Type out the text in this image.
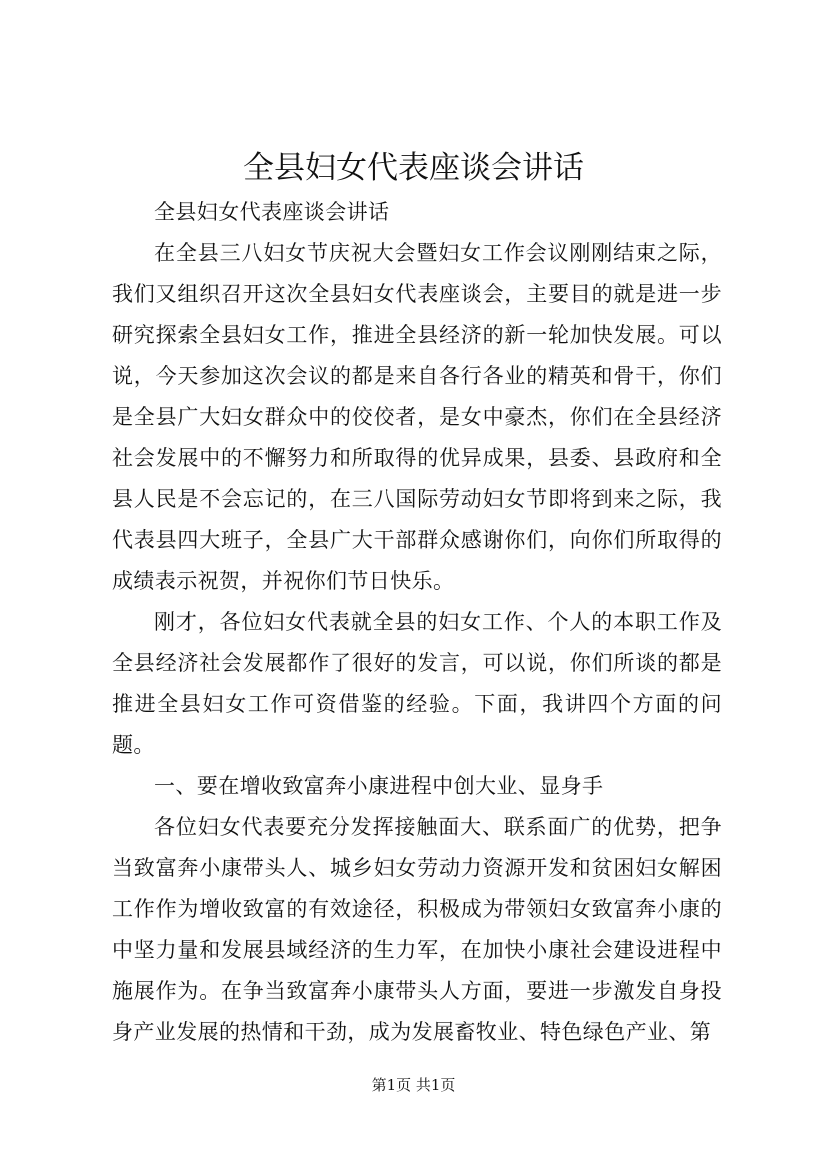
全县妇女代表座谈会讲话

全县妇女代表座谈会讲话

在全县三八妇女节庆祝大会暨妇女工作会议刚刚结束之际，我们又组织召开这次全县妇女代表座谈会，主要目的就是进一步研究探索全县妇女工作，推进全县经济的新一轮加快发展。可以说，今天参加这次会议的都是来自各行各业的精英和骨干，你们是全县广大妇女群众中的佼佼者，是女中豪杰，你们在全县经济社会发展中的不懈努力和所取得的优异成果，县委、县政府和全县人民是不会忘记的，在三八国际劳动妇女节即将到来之际，我代表县四大班子，全县广大干部群众感谢你们，向你们所取得的成绩表示祝贺，并祝你们节日快乐。

刚才，各位妇女代表就全县的妇女工作、个人的本职工作及全县经济社会发展都作了很好的发言，可以说，你们所谈的都是推进全县妇女工作可资借鉴的经验。下面，我讲四个方面的问题。

一、要在增收致富奔小康进程中创大业、显身手

各位妇女代表要充分发挥接触面大、联系面广的优势，把争当致富奔小康带头人、城乡妇女劳动力资源开发和贫困妇女解困工作作为增收致富的有效途径，积极成为带领妇女致富奔小康的中坚力量和发展县域经济的生力军，在加快小康社会建设进程中施展作为。在争当致富奔小康带头人方面，要进一步激发自身投身产业发展的热情和干劲，成为发展畜牧业、特色绿色产业、第

第1页 共1页
